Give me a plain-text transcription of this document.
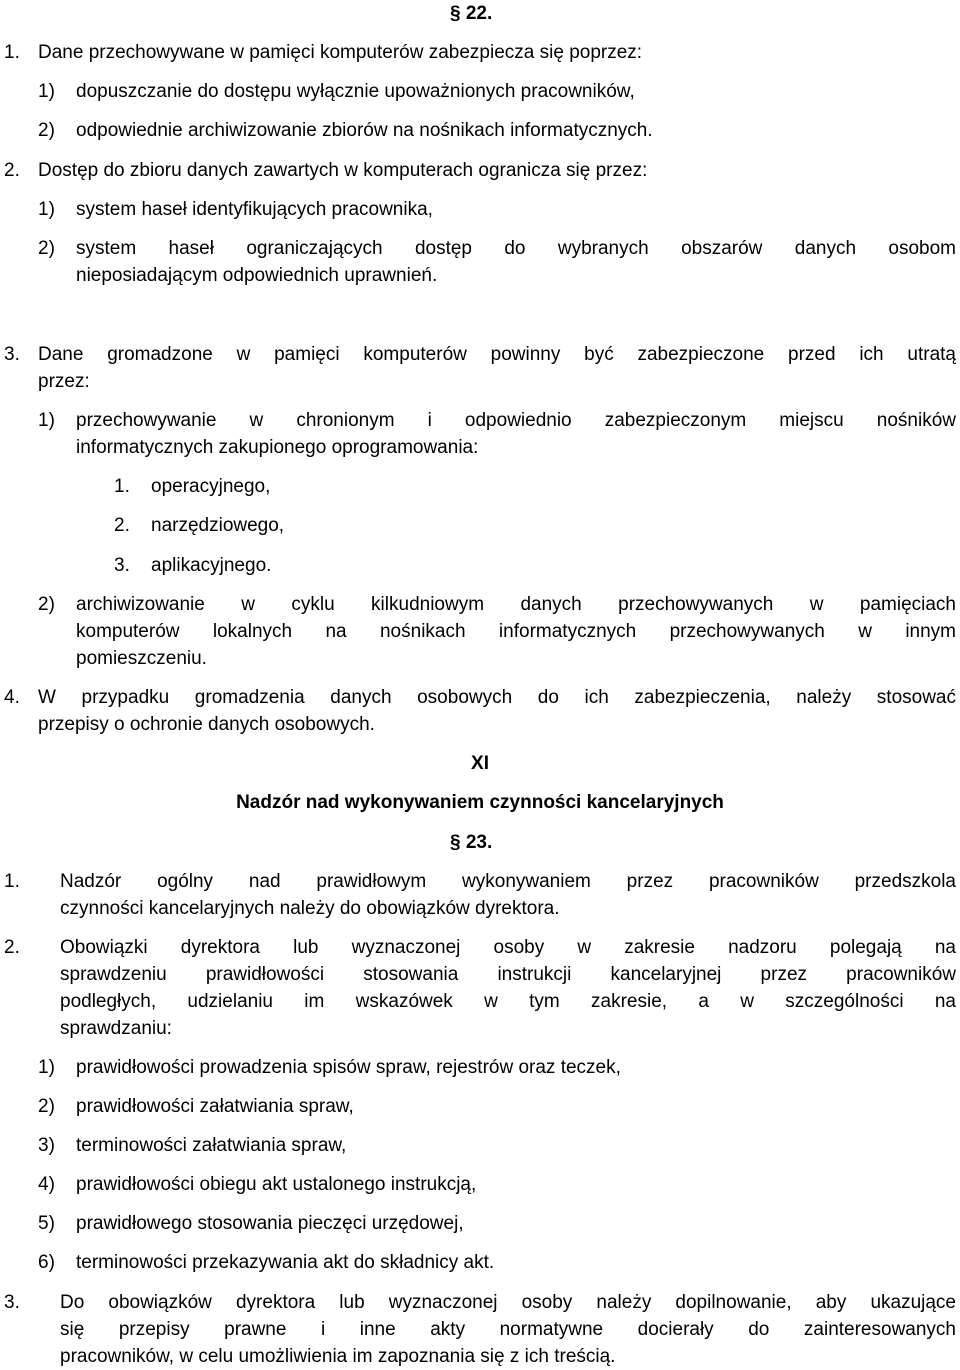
§ 22.
1. Dane przechowywane w pamięci komputerów zabezpiecza się poprzez:
1) dopuszczanie do dostępu wyłącznie upoważnionych pracowników,
2) odpowiednie archiwizowanie zbiorów na nośnikach informatycznych.
2. Dostęp do zbioru danych zawartych w komputerach ogranicza się przez:
1) system haseł identyfikujących pracownika,
2) system haseł ograniczających dostęp do wybranych obszarów danych osobom
nieposiadającym odpowiednich uprawnień.
3. Dane gromadzone w pamięci komputerów powinny być zabezpieczone przed ich utratą
przez:
1) przechowywanie w chronionym i odpowiednio zabezpieczonym miejscu nośników
informatycznych zakupionego oprogramowania:
1. operacyjnego,
2. narzędziowego,
3. aplikacyjnego.
2) archiwizowanie w cyklu kilkudniowym danych przechowywanych w pamięciach
komputerów lokalnych na nośnikach informatycznych przechowywanych w innym
pomieszczeniu.
4. W przypadku gromadzenia danych osobowych do ich zabezpieczenia, należy stosować
przepisy o ochronie danych osobowych.
XI
Nadzór nad wykonywaniem czynności kancelaryjnych
§ 23.
1. Nadzór ogólny nad prawidłowym wykonywaniem przez pracowników przedszkola
czynności kancelaryjnych należy do obowiązków dyrektora.
2. Obowiązki dyrektora lub wyznaczonej osoby w zakresie nadzoru polegają na
sprawdzeniu prawidłowości stosowania instrukcji kancelaryjnej przez pracowników
podległych, udzielaniu im wskazówek w tym zakresie, a w szczególności na
sprawdzaniu:
1) prawidłowości prowadzenia spisów spraw, rejestrów oraz teczek,
2) prawidłowości załatwiania spraw,
3) terminowości załatwiania spraw,
4) prawidłowości obiegu akt ustalonego instrukcją,
5) prawidłowego stosowania pieczęci urzędowej,
6) terminowości przekazywania akt do składnicy akt.
3. Do obowiązków dyrektora lub wyznaczonej osoby należy dopilnowanie, aby ukazujące
się przepisy prawne i inne akty normatywne docierały do zainteresowanych
pracowników, w celu umożliwienia im zapoznania się z ich treścią.
